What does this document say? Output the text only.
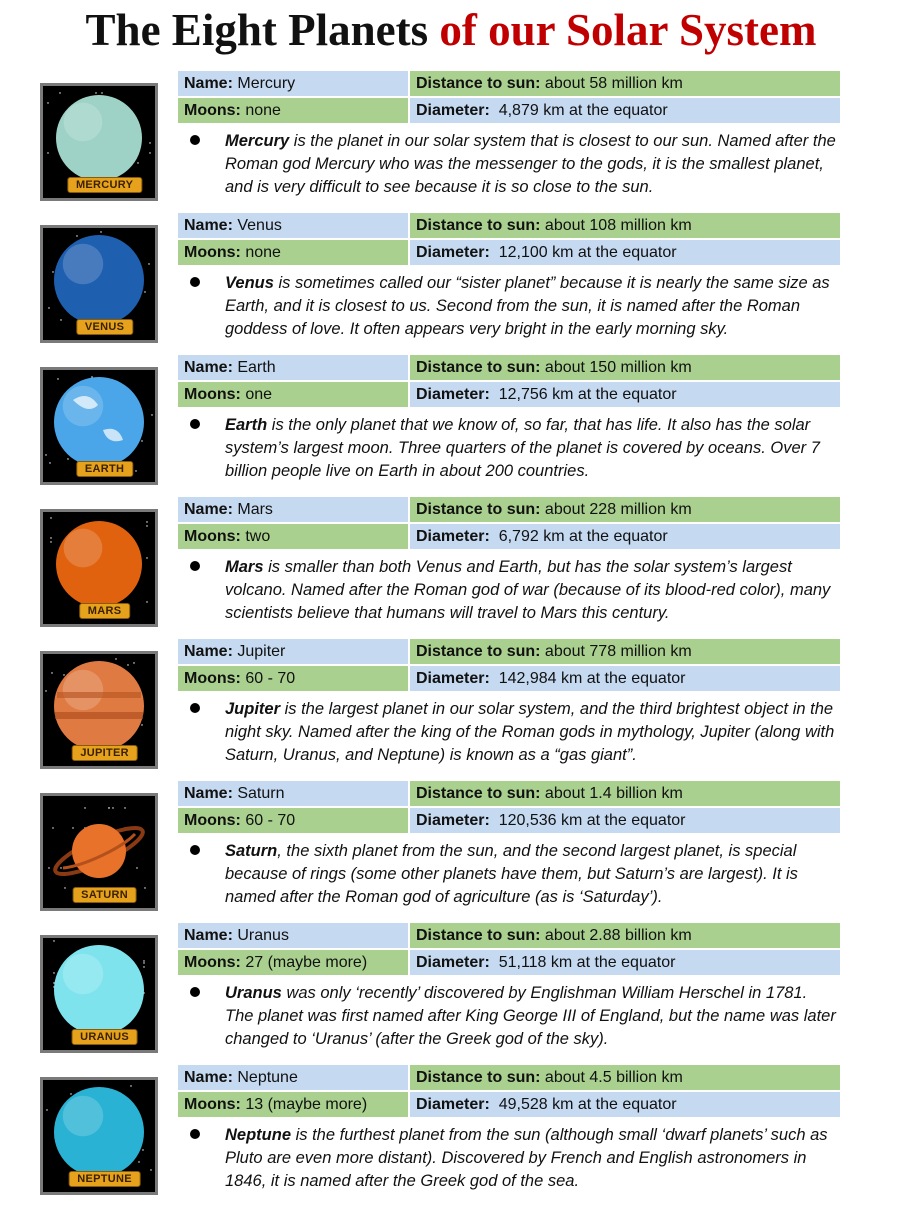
The Eight Planets of our Solar System
MERCURY
Name: Mercury	Distance to sun: about 58 million km
Moons: none	Diameter: 4,879 km at the equator

Mercury is the planet in our solar system that is closest to our sun. Named after the Roman god Mercury who was the messenger to the gods, it is the smallest planet, and is very difficult to see because it is so close to the sun.

VENUS
Name: Venus	Distance to sun: about 108 million km
Moons: none	Diameter: 12,100 km at the equator

Venus is sometimes called our “sister planet” because it is nearly the same size as Earth, and it is closest to us. Second from the sun, it is named after the Roman goddess of love. It often appears very bright in the early morning sky.

EARTH
Name: Earth	Distance to sun: about 150 million km
Moons: one	Diameter: 12,756 km at the equator

Earth is the only planet that we know of, so far, that has life. It also has the solar system’s largest moon. Three quarters of the planet is covered by oceans. Over 7 billion people live on Earth in about 200 countries.

MARS
Name: Mars	Distance to sun: about 228 million km
Moons: two	Diameter: 6,792 km at the equator

Mars is smaller than both Venus and Earth, but has the solar system’s largest volcano. Named after the Roman god of war (because of its blood-red color), many scientists believe that humans will travel to Mars this century.

JUPITER
Name: Jupiter	Distance to sun: about 778 million km
Moons: 60 - 70	Diameter: 142,984 km at the equator

Jupiter is the largest planet in our solar system, and the third brightest object in the night sky. Named after the king of the Roman gods in mythology, Jupiter (along with Saturn, Uranus, and Neptune) is known as a “gas giant”.

SATURN
Name: Saturn	Distance to sun: about 1.4 billion km
Moons: 60 - 70	Diameter: 120,536 km at the equator

Saturn, the sixth planet from the sun, and the second largest planet, is special because of rings (some other planets have them, but Saturn’s are largest). It is named after the Roman god of agriculture (as is ‘Saturday’).

URANUS
Name: Uranus	Distance to sun: about 2.88 billion km
Moons: 27 (maybe more)	Diameter: 51,118 km at the equator

Uranus was only ‘recently’ discovered by Englishman William Herschel in 1781. The planet was first named after King George III of England, but the name was later changed to ‘Uranus’ (after the Greek god of the sky).

NEPTUNE
Name: Neptune	Distance to sun: about 4.5 billion km
Moons: 13 (maybe more)	Diameter: 49,528 km at the equator

Neptune is the furthest planet from the sun (although small ‘dwarf planets’ such as Pluto are even more distant). Discovered by French and English astronomers in 1846, it is named after the Greek god of the sea.
